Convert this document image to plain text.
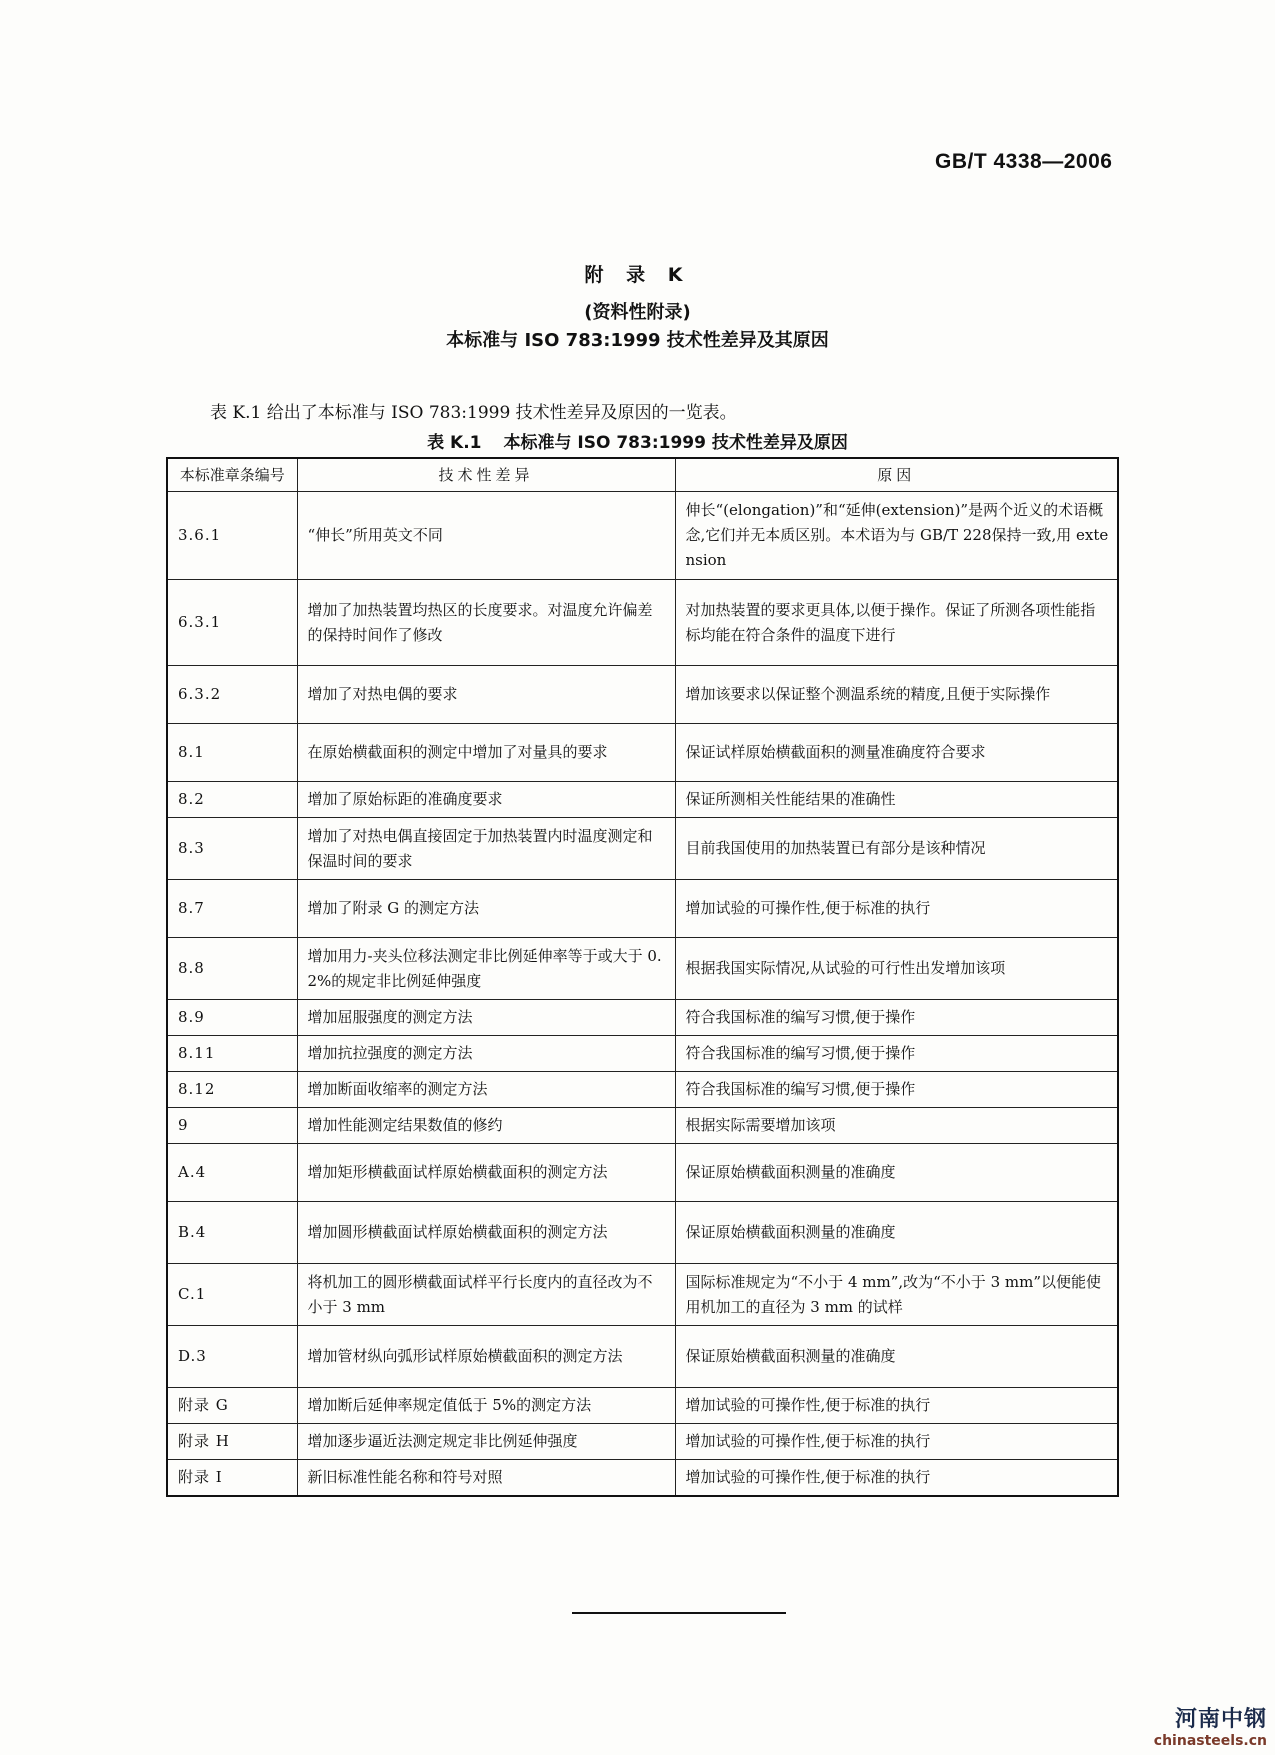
GB/T 4338—2006
附 录 K
(资料性附录)
本标准与 ISO 783:1999 技术性差异及其原因
表 K.1 给出了本标准与 ISO 783:1999 技术性差异及原因的一览表。
表 K.1 本标准与 ISO 783:1999 技术性差异及原因
本标准章条编号	技术性差异	原因
3.6.1	“伸长”所用英文不同	伸长“(elongation)”和“延伸(extension)”是两个近义的术语概念,它们并无本质区别。本术语为与 GB/T 228保持一致,用 extension
6.3.1	增加了加热装置均热区的长度要求。对温度允许偏差的保持时间作了修改	对加热装置的要求更具体,以便于操作。保证了所测各项性能指标均能在符合条件的温度下进行
6.3.2	增加了对热电偶的要求	增加该要求以保证整个测温系统的精度,且便于实际操作
8.1	在原始横截面积的测定中增加了对量具的要求	保证试样原始横截面积的测量准确度符合要求
8.2	增加了原始标距的准确度要求	保证所测相关性能结果的准确性
8.3	增加了对热电偶直接固定于加热装置内时温度测定和保温时间的要求	目前我国使用的加热装置已有部分是该种情况
8.7	增加了附录 G 的测定方法	增加试验的可操作性,便于标准的执行
8.8	增加用力-夹头位移法测定非比例延伸率等于或大于 0.2%的规定非比例延伸强度	根据我国实际情况,从试验的可行性出发增加该项
8.9	增加屈服强度的测定方法	符合我国标准的编写习惯,便于操作
8.11	增加抗拉强度的测定方法	符合我国标准的编写习惯,便于操作
8.12	增加断面收缩率的测定方法	符合我国标准的编写习惯,便于操作
9	增加性能测定结果数值的修约	根据实际需要增加该项
A.4	增加矩形横截面试样原始横截面积的测定方法	保证原始横截面积测量的准确度
B.4	增加圆形横截面试样原始横截面积的测定方法	保证原始横截面积测量的准确度
C.1	将机加工的圆形横截面试样平行长度内的直径改为不小于 3 mm	国际标准规定为“不小于 4 mm”,改为“不小于 3 mm”以便能使用机加工的直径为 3 mm 的试样
D.3	增加管材纵向弧形试样原始横截面积的测定方法	保证原始横截面积测量的准确度
附录 G	增加断后延伸率规定值低于 5%的测定方法	增加试验的可操作性,便于标准的执行
附录 H	增加逐步逼近法测定规定非比例延伸强度	增加试验的可操作性,便于标准的执行
附录 I	新旧标准性能名称和符号对照	增加试验的可操作性,便于标准的执行
河南中钢
chinasteels.cn
